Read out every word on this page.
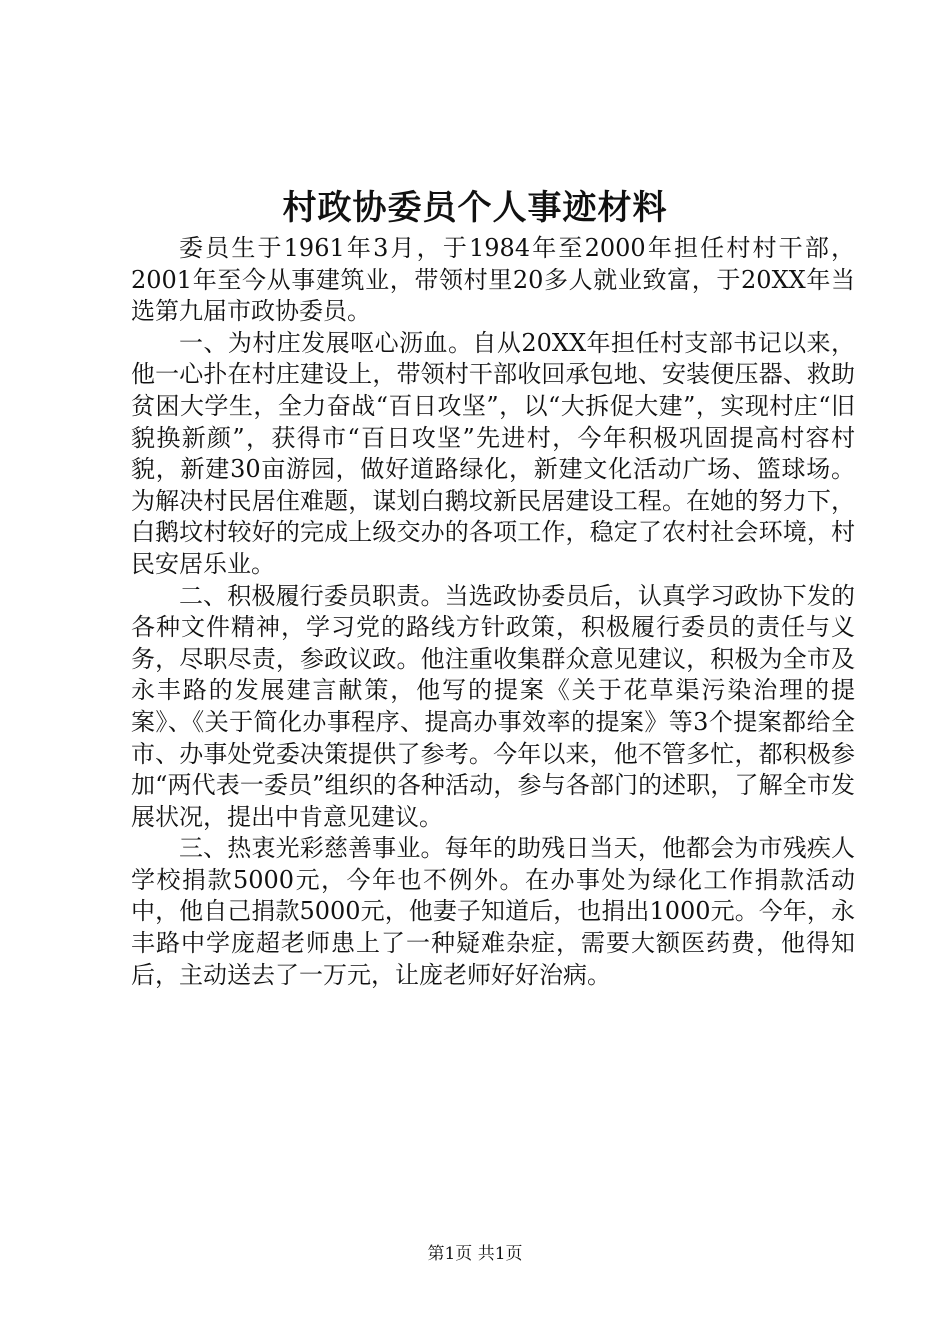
村政协委员个人事迹材料

委员生于1961年3月，于1984年至2000年担任村村干部，2001年至今从事建筑业，带领村里20多人就业致富，于20XX年当选第九届市政协委员。

一、为村庄发展呕心沥血。自从20XX年担任村支部书记以来，他一心扑在村庄建设上，带领村干部收回承包地、安装便压器、救助贫困大学生，全力奋战“百日攻坚”，以“大拆促大建”，实现村庄“旧貌换新颜”，获得市“百日攻坚”先进村，今年积极巩固提高村容村貌，新建30亩游园，做好道路绿化，新建文化活动广场、篮球场。为解决村民居住难题，谋划白鹅坟新民居建设工程。在她的努力下，白鹅坟村较好的完成上级交办的各项工作，稳定了农村社会环境，村民安居乐业。

二、积极履行委员职责。当选政协委员后，认真学习政协下发的各种文件精神，学习党的路线方针政策，积极履行委员的责任与义务，尽职尽责，参政议政。他注重收集群众意见建议，积极为全市及永丰路的发展建言献策，他写的提案《关于花草渠污染治理的提案》、《关于简化办事程序、提高办事效率的提案》等3个提案都给全市、办事处党委决策提供了参考。今年以来，他不管多忙，都积极参加“两代表一委员”组织的各种活动，参与各部门的述职，了解全市发展状况，提出中肯意见建议。

三、热衷光彩慈善事业。每年的助残日当天，他都会为市残疾人学校捐款5000元，今年也不例外。在办事处为绿化工作捐款活动中，他自己捐款5000元，他妻子知道后，也捐出1000元。今年，永丰路中学庞超老师患上了一种疑难杂症，需要大额医药费，他得知后，主动送去了一万元，让庞老师好好治病。

第1页 共1页
